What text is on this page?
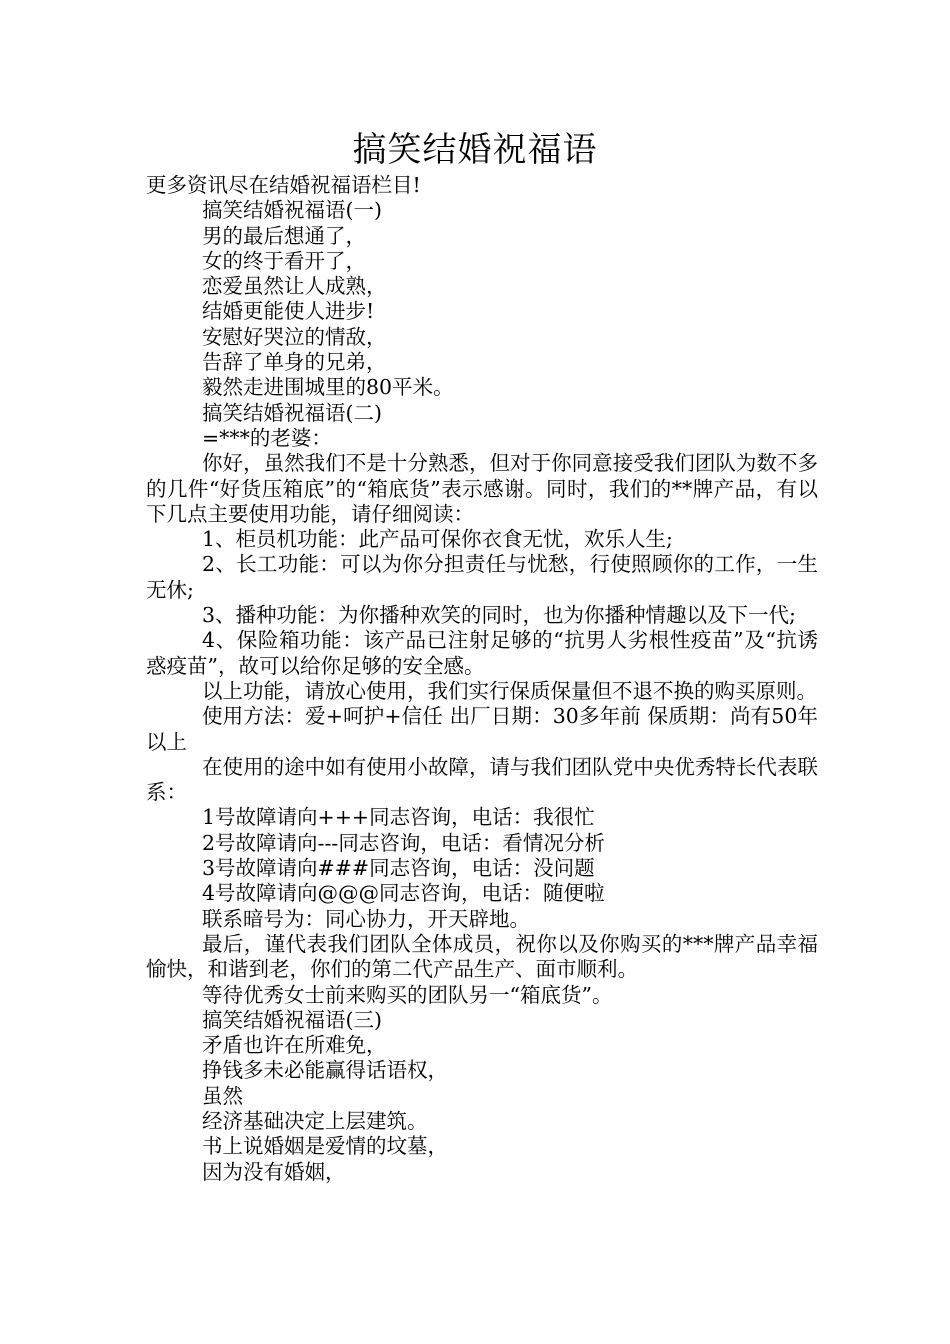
搞笑结婚祝福语

更多资讯尽在结婚祝福语栏目!

搞笑结婚祝福语(一)

男的最后想通了，

女的终于看开了，

恋爱虽然让人成熟，

结婚更能使人进步!

安慰好哭泣的情敌，

告辞了单身的兄弟，

毅然走进围城里的80平米。

搞笑结婚祝福语(二)

=***的老婆：

你好，虽然我们不是十分熟悉，但对于你同意接受我们团队为数不多的几件“好货压箱底”的“箱底货”表示感谢。同时，我们的**牌产品，有以下几点主要使用功能，请仔细阅读：

1、柜员机功能：此产品可保你衣食无忧，欢乐人生;

2、长工功能：可以为你分担责任与忧愁，行使照顾你的工作，一生无休;

3、播种功能：为你播种欢笑的同时，也为你播种情趣以及下一代;

4、保险箱功能：该产品已注射足够的“抗男人劣根性疫苗”及“抗诱惑疫苗”，故可以给你足够的安全感。

以上功能，请放心使用，我们实行保质保量但不退不换的购买原则。

使用方法：爱+呵护+信任 出厂日期：30多年前 保质期：尚有50年以上

在使用的途中如有使用小故障，请与我们团队党中央优秀特长代表联系：

1号故障请向+++同志咨询，电话：我很忙

2号故障请向---同志咨询，电话：看情况分析

3号故障请向###同志咨询，电话：没问题

4号故障请向@@@同志咨询，电话：随便啦

联系暗号为：同心协力，开天辟地。

最后，谨代表我们团队全体成员，祝你以及你购买的***牌产品幸福愉快，和谐到老，你们的第二代产品生产、面市顺利。

等待优秀女士前来购买的团队另一“箱底货”。

搞笑结婚祝福语(三)

矛盾也许在所难免，

挣钱多未必能赢得话语权，

虽然

经济基础决定上层建筑。

书上说婚姻是爱情的坟墓，

因为没有婚姻，
